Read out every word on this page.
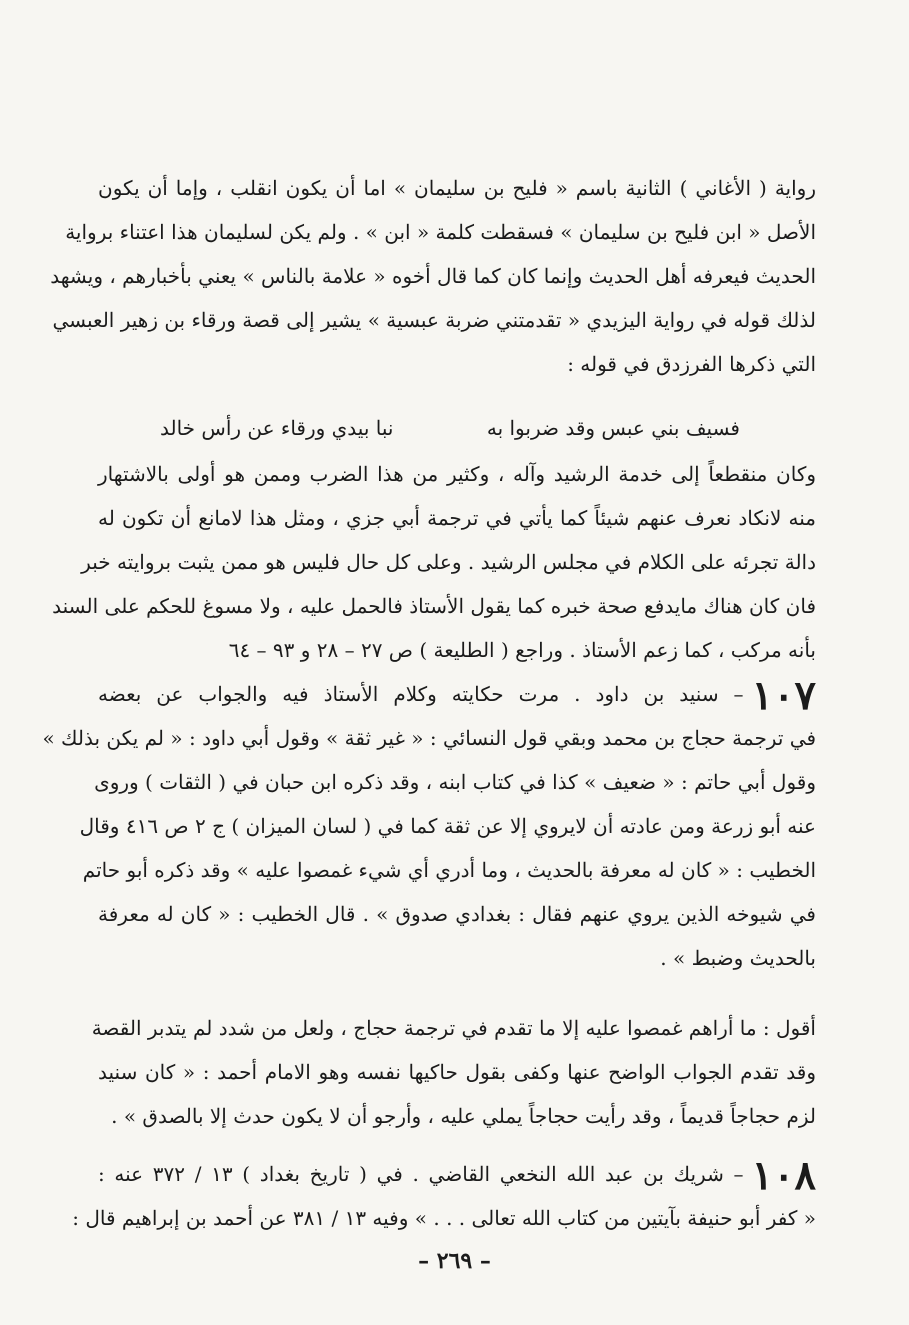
رواية ( الأغاني ) الثانية باسم « فليح بن سليمان » اما أن يكون انقلب ، وإما أن يكون
الأصل « ابن فليح بن سليمان » فسقطت كلمة « ابن » . ولم يكن لسليمان هذا اعتناء برواية
الحديث فيعرفه أهل الحديث وإنما كان كما قال أخوه « علامة بالناس » يعني بأخبارهم ، ويشهد
لذلك قوله في رواية اليزيدي « تقدمتني ضربة عبسية » يشير إلى قصة ورقاء بن زهير العبسي
التي ذكرها الفرزدق في قوله :
فسيف بني عبس وقد ضربوا به
نبا بيدي ورقاء عن رأس خالد
وكان منقطعاً إلى خدمة الرشيد وآله ، وكثير من هذا الضرب وممن هو أولى بالاشتهار
منه لانكاد نعرف عنهم شيئاً كما يأتي في ترجمة أبي جزي ، ومثل هذا لامانع أن تكون له
دالة تجرئه على الكلام في مجلس الرشيد . وعلى كل حال فليس هو ممن يثبت بروايته خبر
فان كان هناك مايدفع صحة خبره كما يقول الأستاذ فالحمل عليه ، ولا مسوغ للحكم على السند
بأنه مركب ، كما زعم الأستاذ . وراجع ( الطليعة ) ص ٢٧ – ٢٨ و ٩٣ – ٦٤
١٠٧– سنيد بن داود . مرت حكايته وكلام الأستاذ فيه والجواب عن بعضه
في ترجمة حجاج بن محمد وبقي قول النسائي : « غير ثقة » وقول أبي داود : « لم يكن بذلك »
وقول أبي حاتم : « ضعيف » كذا في كتاب ابنه ، وقد ذكره ابن حبان في ( الثقات ) وروى
عنه أبو زرعة ومن عادته أن لايروي إلا عن ثقة كما في ( لسان الميزان ) ج ٢ ص ٤١٦ وقال
الخطيب : « كان له معرفة بالحديث ، وما أدري أي شيء غمصوا عليه » وقد ذكره أبو حاتم
في شيوخه الذين يروي عنهم فقال : بغدادي صدوق » . قال الخطيب : « كان له معرفة
بالحديث وضبط » .
أقول : ما أراهم غمصوا عليه إلا ما تقدم في ترجمة حجاج ، ولعل من شدد لم يتدبر القصة
وقد تقدم الجواب الواضح عنها وكفى بقول حاكيها نفسه وهو الامام أحمد : « كان سنيد
لزم حجاجاً قديماً ، وقد رأيت حجاجاً يملي عليه ، وأرجو أن لا يكون حدث إلا بالصدق » .
١٠٨– شريك بن عبد الله النخعي القاضي . في ( تاريخ بغداد ) ١٣ / ٣٧٢ عنه :
« كفر أبو حنيفة بآيتين من كتاب الله تعالى . . . » وفيه ١٣ / ٣٨١ عن أحمد بن إبراهيم قال :
– ٢٦٩ –
